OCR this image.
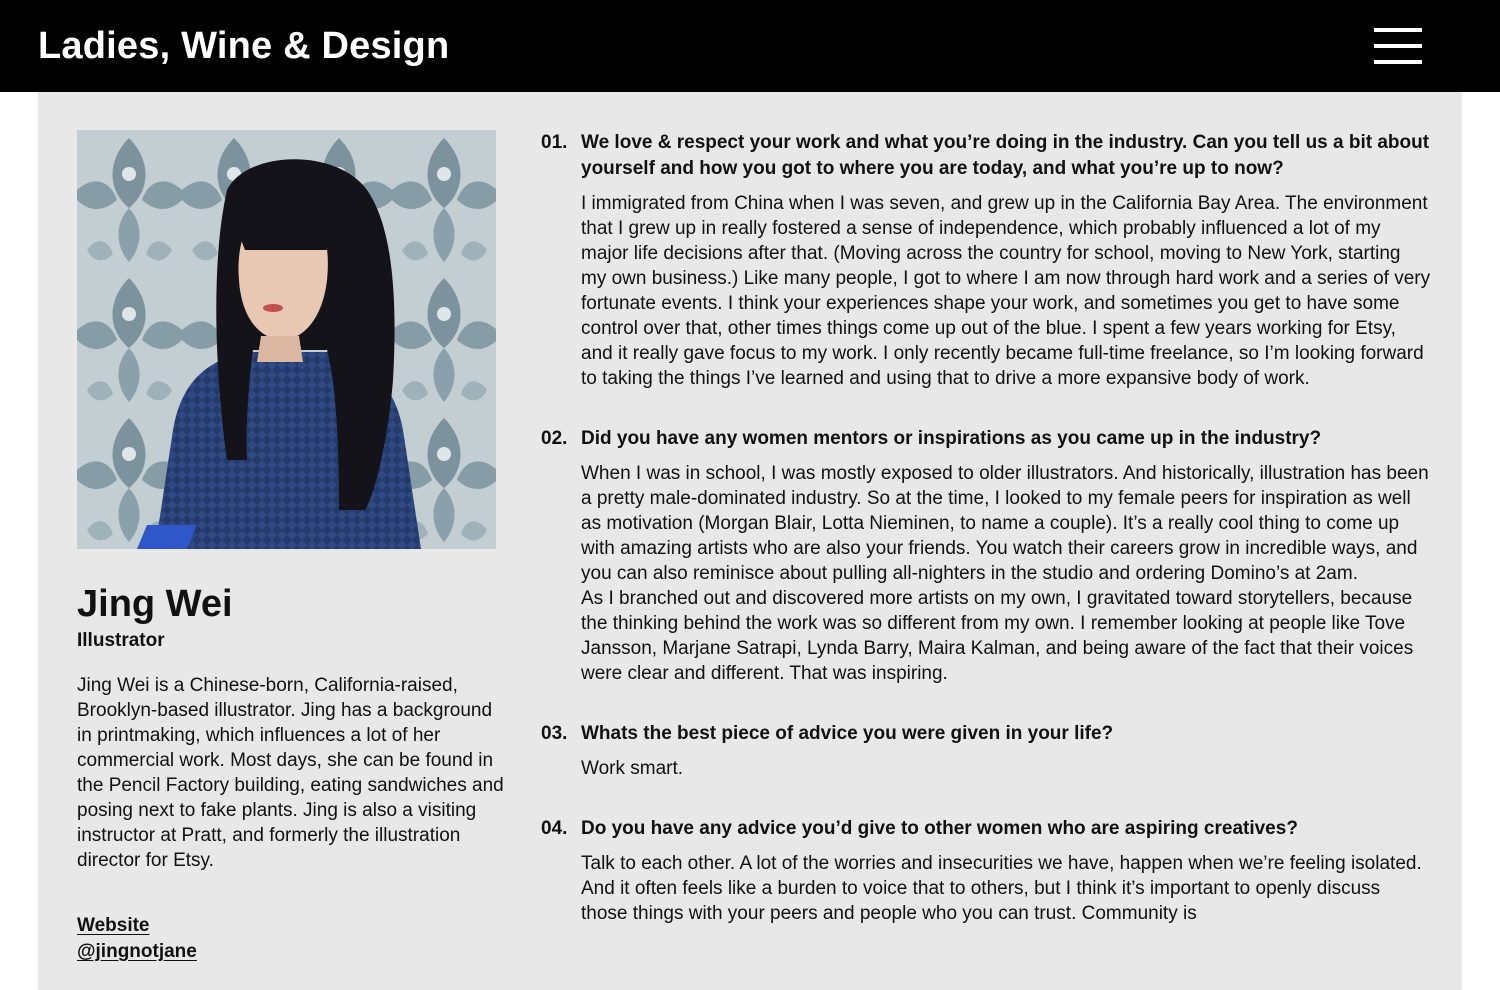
Ladies, Wine & Design
Jing Wei
Illustrator

Jing Wei is a Chinese-born, California-raised, Brooklyn-based illustrator. Jing has a background in printmaking, which influences a lot of her commercial work. Most days, she can be found in the Pencil Factory building, eating sandwiches and posing next to fake plants. Jing is also a visiting instructor at Pratt, and formerly the illustration director for Etsy.

Website
@jingnotjane
01. We love & respect your work and what you’re doing in the industry. Can you tell us a bit about yourself and how you got to where you are today, and what you’re up to now?

I immigrated from China when I was seven, and grew up in the California Bay Area. The environment that I grew up in really fostered a sense of independence, which probably influenced a lot of my major life decisions after that. (Moving across the country for school, moving to New York, starting my own business.) Like many people, I got to where I am now through hard work and a series of very fortunate events. I think your experiences shape your work, and sometimes you get to have some control over that, other times things come up out of the blue. I spent a few years working for Etsy, and it really gave focus to my work. I only recently became full-time freelance, so I’m looking forward to taking the things I’ve learned and using that to drive a more expansive body of work.

02. Did you have any women mentors or inspirations as you came up in the industry?

When I was in school, I was mostly exposed to older illustrators. And historically, illustration has been a pretty male-dominated industry. So at the time, I looked to my female peers for inspiration as well as motivation (Morgan Blair, Lotta Nieminen, to name a couple). It’s a really cool thing to come up with amazing artists who are also your friends. You watch their careers grow in incredible ways, and you can also reminisce about pulling all-nighters in the studio and ordering Domino’s at 2am.

As I branched out and discovered more artists on my own, I gravitated toward storytellers, because the thinking behind the work was so different from my own. I remember looking at people like Tove Jansson, Marjane Satrapi, Lynda Barry, Maira Kalman, and being aware of the fact that their voices were clear and different. That was inspiring.

03. Whats the best piece of advice you were given in your life?

Work smart.

04. Do you have any advice you’d give to other women who are aspiring creatives?

Talk to each other. A lot of the worries and insecurities we have, happen when we’re feeling isolated. And it often feels like a burden to voice that to others, but I think it’s important to openly discuss those things with your peers and people who you can trust. Community is
